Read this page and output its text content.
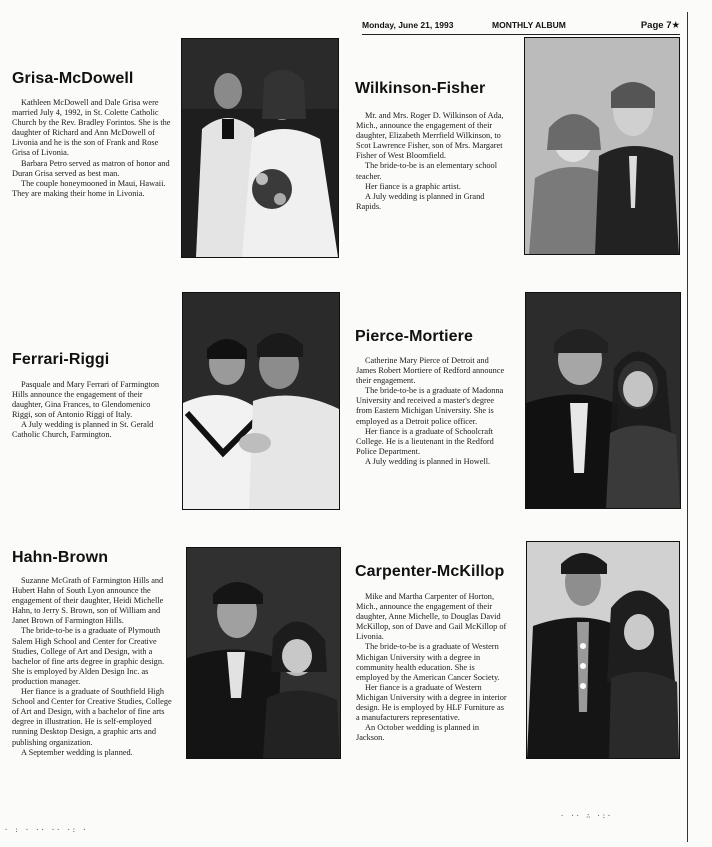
Monday, June 21, 1993	MONTHLY ALBUM	Page 7★
Grisa-McDowell

Kathleen McDowell and Dale Grisa were married July 4, 1992, in St. Colette Catholic Church by the Rev. Bradley Forintos. She is the daughter of Richard and Ann McDowell of Livonia and he is the son of Frank and Rose Grisa of Livonia.

Barbara Petro served as matron of honor and Duran Grisa served as best man.

The couple honeymooned in Maui, Hawaii. They are making their home in Livonia.

Wilkinson-Fisher

Mr. and Mrs. Roger D. Wilkinson of Ada, Mich., announce the engagement of their daughter, Elizabeth Merrfield Wilkinson, to Scot Lawrence Fisher, son of Mrs. Margaret Fisher of West Bloomfield.

The bride-to-be is an elementary school teacher.

Her fiance is a graphic artist.

A July wedding is planned in Grand Rapids.

Ferrari-Riggi

Pasquale and Mary Ferrari of Farmington Hills announce the engagement of their daughter, Gina Frances, to Glendomenico Riggi, son of Antonio Riggi of Italy.

A July wedding is planned in St. Gerald Catholic Church, Farmington.

Pierce-Mortiere

Catherine Mary Pierce of Detroit and James Robert Mortiere of Redford announce their engagement.

The bride-to-be is a graduate of Madonna University and received a master's degree from Eastern Michigan University. She is employed as a Detroit police officer.

Her fiance is a graduate of Schoolcraft College. He is a lieutenant in the Redford Police Department.

A July wedding is planned in Howell.

Hahn-Brown

Suzanne McGrath of Farmington Hills and Hubert Hahn of South Lyon announce the engagement of their daughter, Heidi Michelle Hahn, to Jerry S. Brown, son of William and Janet Brown of Farmington Hills.

The bride-to-be is a graduate of Plymouth Salem High School and Center for Creative Studies, College of Art and Design, with a bachelor of fine arts degree in graphic design. She is employed by Alden Design Inc. as production manager.

Her fiance is a graduate of Southfield High School and Center for Creative Studies, College of Art and Design, with a bachelor of fine arts degree in illustration. He is self-employed running Desktop Design, a graphic arts and publishing organization.

A September wedding is planned.

Carpenter-McKillop

Mike and Martha Carpenter of Horton, Mich., announce the engagement of their daughter, Anne Michelle, to Douglas David McKillop, son of Dave and Gail McKillop of Livonia.

The bride-to-be is a graduate of Western Michigan University with a degree in community health education. She is employed by the American Cancer Society.

Her fiance is a graduate of Western Michigan University with a degree in interior design. He is employed by HLF Furniture as a manufacturers representative.

An October wedding is planned in Jackson.

· ·· ∴ ·:·
· : · ·· ·· ·: ·
